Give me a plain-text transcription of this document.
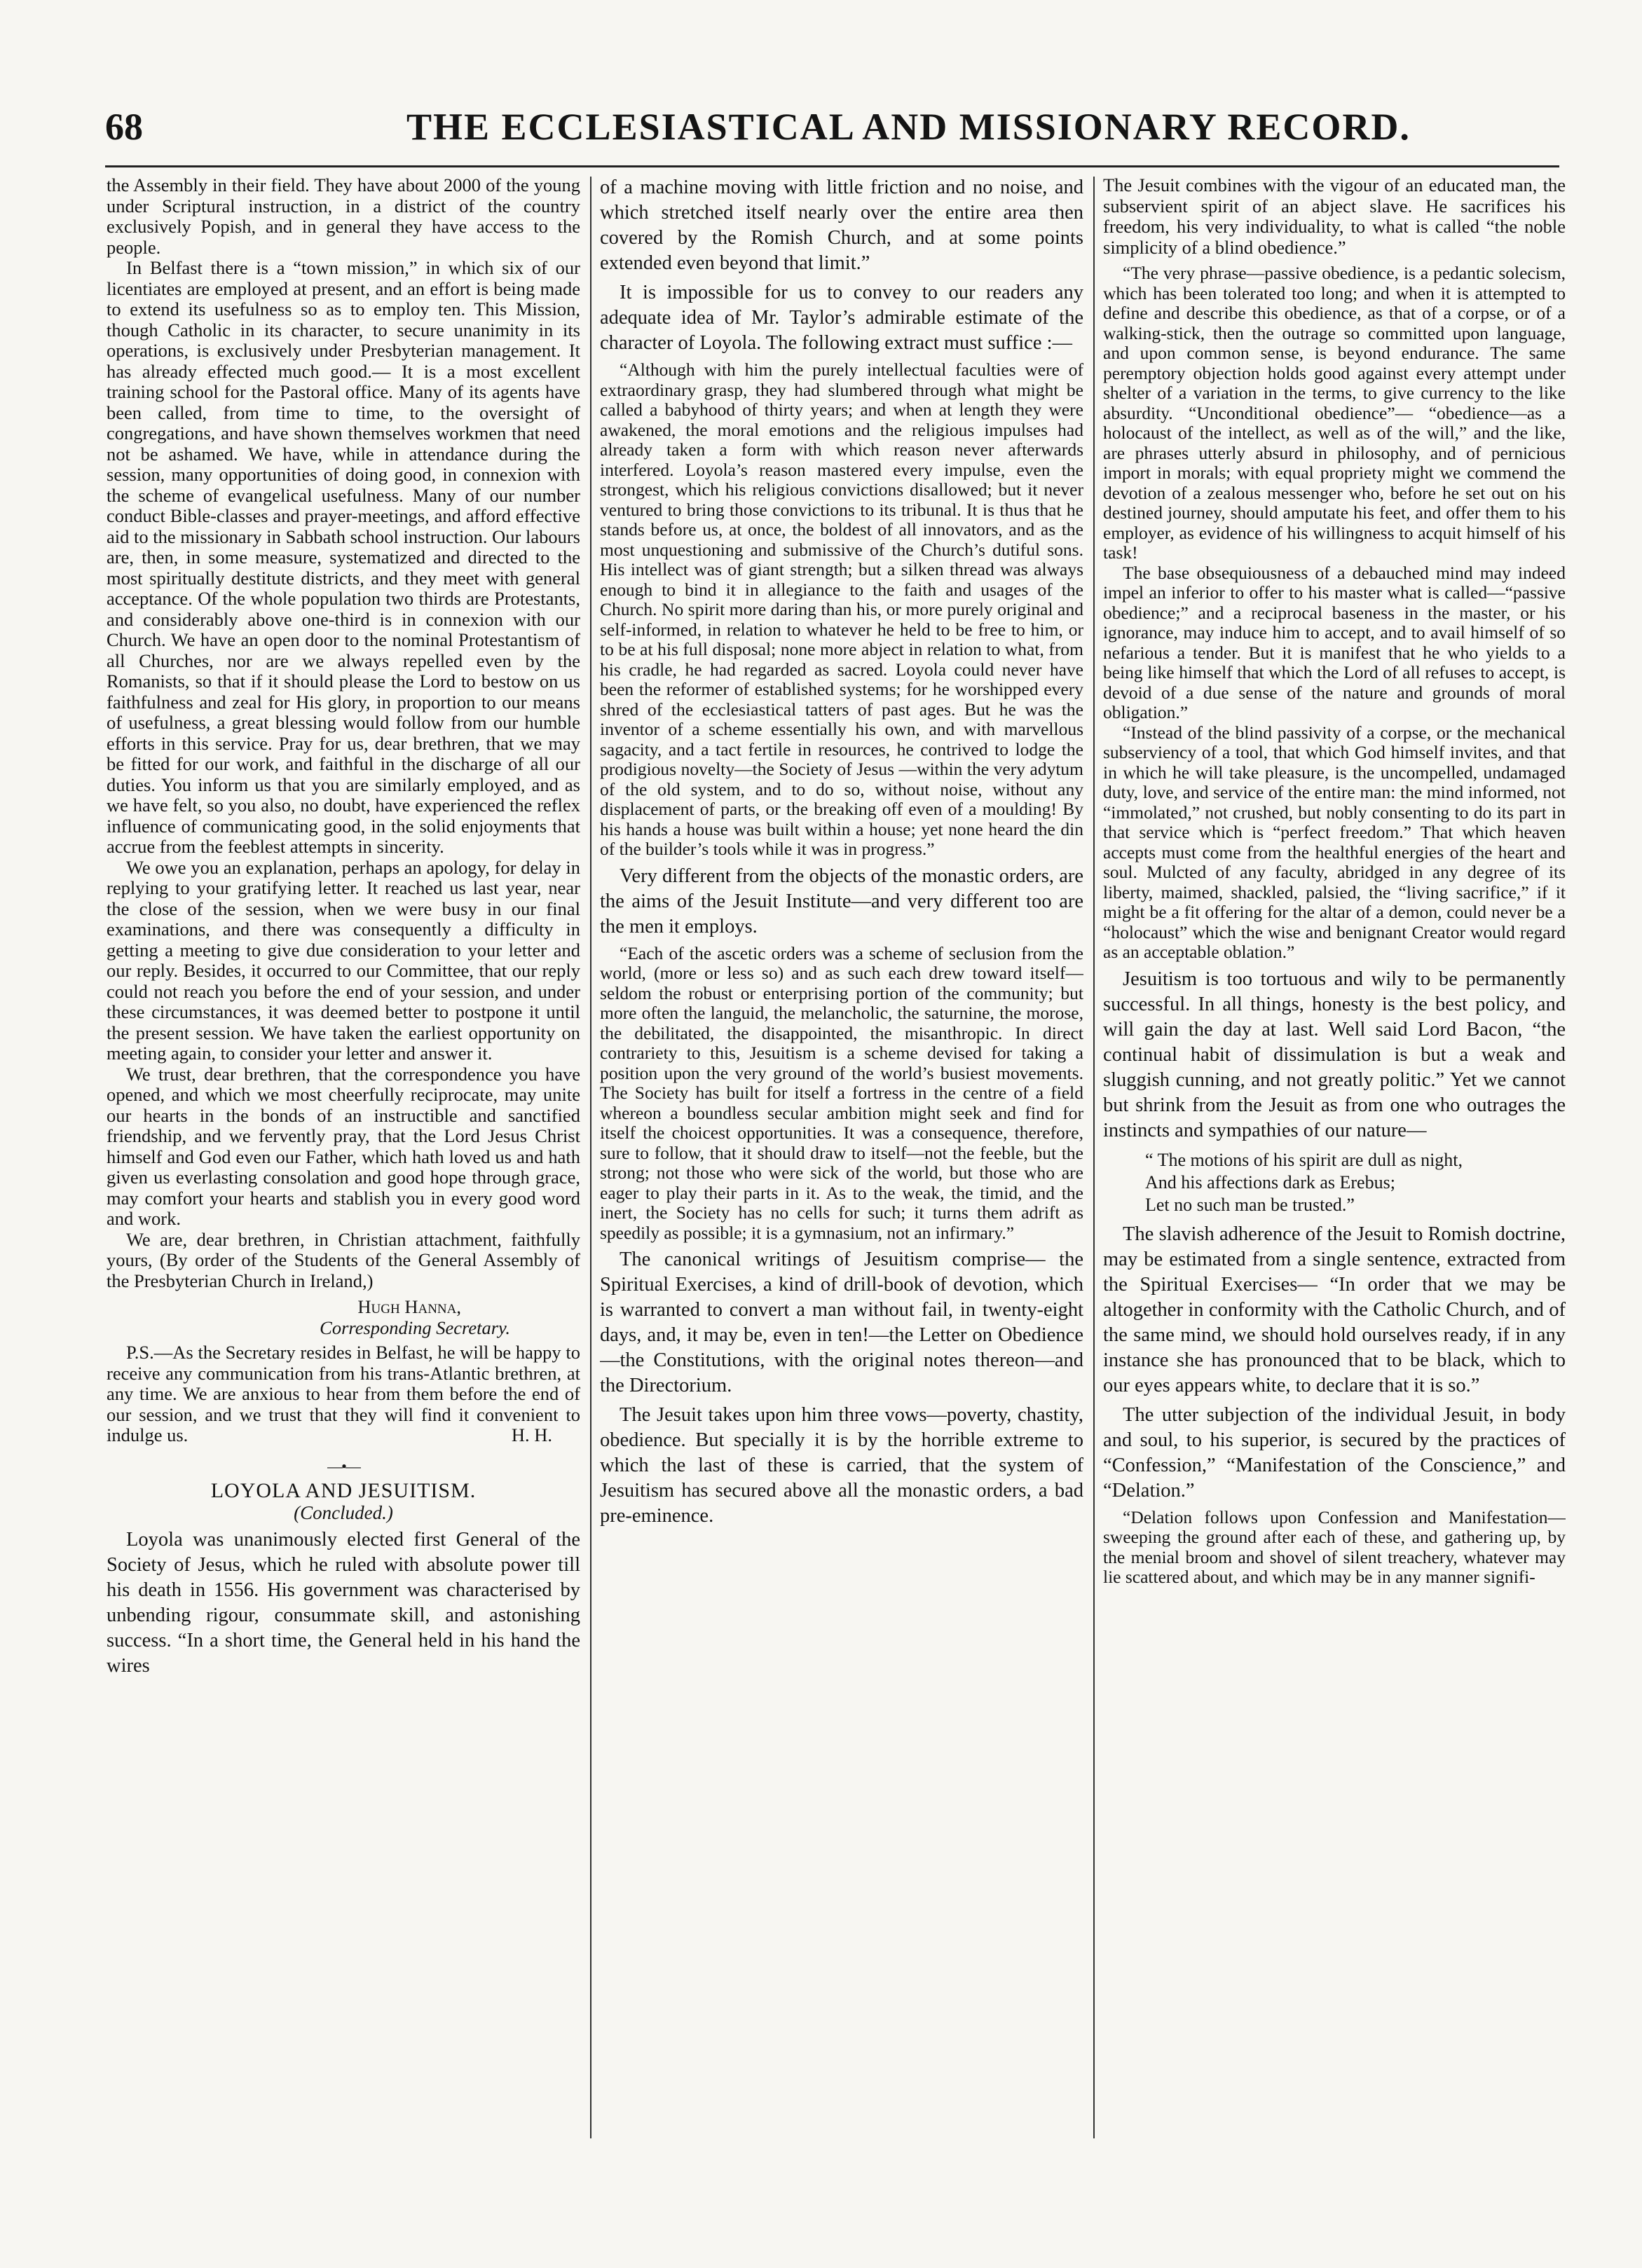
68	THE ECCLESIASTICAL AND MISSIONARY RECORD.

the Assembly in their field. They have about 2000 of the young under Scriptural instruction, in a district of the country exclusively Popish, and in general they have access to the people.

In Belfast there is a “town mission,” in which six of our licentiates are employed at present, and an effort is being made to extend its usefulness so as to employ ten. This Mission, though Catholic in its character, to secure unanimity in its operations, is exclusively under Presbyterian management. It has already effected much good.— It is a most excellent training school for the Pastoral office. Many of its agents have been called, from time to time, to the oversight of congregations, and have shown themselves workmen that need not be ashamed. We have, while in attendance during the session, many opportunities of doing good, in connexion with the scheme of evangelical usefulness. Many of our number conduct Bible-classes and prayer-meetings, and afford effective aid to the missionary in Sabbath school instruction. Our labours are, then, in some measure, systematized and directed to the most spiritually destitute districts, and they meet with general acceptance. Of the whole population two thirds are Protestants, and considerably above one-third is in connexion with our Church. We have an open door to the nominal Protestantism of all Churches, nor are we always repelled even by the Romanists, so that if it should please the Lord to bestow on us faithfulness and zeal for His glory, in proportion to our means of usefulness, a great blessing would follow from our humble efforts in this service. Pray for us, dear brethren, that we may be fitted for our work, and faithful in the discharge of all our duties. You inform us that you are similarly employed, and as we have felt, so you also, no doubt, have experienced the reflex influence of communicating good, in the solid enjoyments that accrue from the feeblest attempts in sincerity.

We owe you an explanation, perhaps an apology, for delay in replying to your gratifying letter. It reached us last year, near the close of the session, when we were busy in our final examinations, and there was consequently a difficulty in getting a meeting to give due consideration to your letter and our reply. Besides, it occurred to our Committee, that our reply could not reach you before the end of your session, and under these circumstances, it was deemed better to postpone it until the present session. We have taken the earliest opportunity on meeting again, to consider your letter and answer it.

We trust, dear brethren, that the correspondence you have opened, and which we most cheerfully reciprocate, may unite our hearts in the bonds of an instructible and sanctified friendship, and we fervently pray, that the Lord Jesus Christ himself and God even our Father, which hath loved us and hath given us everlasting consolation and good hope through grace, may comfort your hearts and stablish you in every good word and work.

We are, dear brethren, in Christian attachment, faithfully yours, (By order of the Students of the General Assembly of the Presbyterian Church in Ireland,)

Hugh Hanna,
Corresponding Secretary.

P.S.—As the Secretary resides in Belfast, he will be happy to receive any communication from his trans-Atlantic brethren, at any time. We are anxious to hear from them before the end of our session, and we trust that they will find it convenient to indulge us.	H. H.

—•—
LOYOLA AND JESUITISM.
(Concluded.)

Loyola was unanimously elected first General of the Society of Jesus, which he ruled with absolute power till his death in 1556. His government was characterised by unbending rigour, consummate skill, and astonishing success. “In a short time, the General held in his hand the wires

of a machine moving with little friction and no noise, and which stretched itself nearly over the entire area then covered by the Romish Church, and at some points extended even beyond that limit.”

It is impossible for us to convey to our readers any adequate idea of Mr. Taylor’s admirable estimate of the character of Loyola. The following extract must suffice :—

“Although with him the purely intellectual faculties were of extraordinary grasp, they had slumbered through what might be called a babyhood of thirty years; and when at length they were awakened, the moral emotions and the religious impulses had already taken a form with which reason never afterwards interfered. Loyola’s reason mastered every impulse, even the strongest, which his religious convictions disallowed; but it never ventured to bring those convictions to its tribunal. It is thus that he stands before us, at once, the boldest of all innovators, and as the most unquestioning and submissive of the Church’s dutiful sons. His intellect was of giant strength; but a silken thread was always enough to bind it in allegiance to the faith and usages of the Church. No spirit more daring than his, or more purely original and self-informed, in relation to whatever he held to be free to him, or to be at his full disposal; none more abject in relation to what, from his cradle, he had regarded as sacred. Loyola could never have been the reformer of established systems; for he worshipped every shred of the ecclesiastical tatters of past ages. But he was the inventor of a scheme essentially his own, and with marvellous sagacity, and a tact fertile in resources, he contrived to lodge the prodigious novelty—the Society of Jesus —within the very adytum of the old system, and to do so, without noise, without any displacement of parts, or the breaking off even of a moulding! By his hands a house was built within a house; yet none heard the din of the builder’s tools while it was in progress.”

Very different from the objects of the monastic orders, are the aims of the Jesuit Institute—and very different too are the men it employs.

“Each of the ascetic orders was a scheme of seclusion from the world, (more or less so) and as such each drew toward itself—seldom the robust or enterprising portion of the community; but more often the languid, the melancholic, the saturnine, the morose, the debilitated, the disappointed, the misanthropic. In direct contrariety to this, Jesuitism is a scheme devised for taking a position upon the very ground of the world’s busiest movements. The Society has built for itself a fortress in the centre of a field whereon a boundless secular ambition might seek and find for itself the choicest opportunities. It was a consequence, therefore, sure to follow, that it should draw to itself—not the feeble, but the strong; not those who were sick of the world, but those who are eager to play their parts in it. As to the weak, the timid, and the inert, the Society has no cells for such; it turns them adrift as speedily as possible; it is a gymnasium, not an infirmary.”

The canonical writings of Jesuitism comprise— the Spiritual Exercises, a kind of drill-book of devotion, which is warranted to convert a man without fail, in twenty-eight days, and, it may be, even in ten!—the Letter on Obedience—the Constitutions, with the original notes thereon—and the Directorium.

The Jesuit takes upon him three vows—poverty, chastity, obedience. But specially it is by the horrible extreme to which the last of these is carried, that the system of Jesuitism has secured above all the monastic orders, a bad pre-eminence.

The Jesuit combines with the vigour of an educated man, the subservient spirit of an abject slave. He sacrifices his freedom, his very individuality, to what is called “the noble simplicity of a blind obedience.”

“The very phrase—passive obedience, is a pedantic solecism, which has been tolerated too long; and when it is attempted to define and describe this obedience, as that of a corpse, or of a walking-stick, then the outrage so committed upon language, and upon common sense, is beyond endurance. The same peremptory objection holds good against every attempt under shelter of a variation in the terms, to give currency to the like absurdity. “Unconditional obedience”— “obedience—as a holocaust of the intellect, as well as of the will,” and the like, are phrases utterly absurd in philosophy, and of pernicious import in morals; with equal propriety might we commend the devotion of a zealous messenger who, before he set out on his destined journey, should amputate his feet, and offer them to his employer, as evidence of his willingness to acquit himself of his task!

The base obsequiousness of a debauched mind may indeed impel an inferior to offer to his master what is called—“passive obedience;” and a reciprocal baseness in the master, or his ignorance, may induce him to accept, and to avail himself of so nefarious a tender. But it is manifest that he who yields to a being like himself that which the Lord of all refuses to accept, is devoid of a due sense of the nature and grounds of moral obligation.”

“Instead of the blind passivity of a corpse, or the mechanical subserviency of a tool, that which God himself invites, and that in which he will take pleasure, is the uncompelled, undamaged duty, love, and service of the entire man: the mind informed, not “immolated,” not crushed, but nobly consenting to do its part in that service which is “perfect freedom.” That which heaven accepts must come from the healthful energies of the heart and soul. Mulcted of any faculty, abridged in any degree of its liberty, maimed, shackled, palsied, the “living sacrifice,” if it might be a fit offering for the altar of a demon, could never be a “holocaust” which the wise and benignant Creator would regard as an acceptable oblation.”

Jesuitism is too tortuous and wily to be permanently successful. In all things, honesty is the best policy, and will gain the day at last. Well said Lord Bacon, “the continual habit of dissimulation is but a weak and sluggish cunning, and not greatly politic.” Yet we cannot but shrink from the Jesuit as from one who outrages the instincts and sympathies of our nature—

“ The motions of his spirit are dull as night,
And his affections dark as Erebus;
Let no such man be trusted.”

The slavish adherence of the Jesuit to Romish doctrine, may be estimated from a single sentence, extracted from the Spiritual Exercises— “In order that we may be altogether in conformity with the Catholic Church, and of the same mind, we should hold ourselves ready, if in any instance she has pronounced that to be black, which to our eyes appears white, to declare that it is so.”

The utter subjection of the individual Jesuit, in body and soul, to his superior, is secured by the practices of “Confession,” “Manifestation of the Conscience,” and “Delation.”

“Delation follows upon Confession and Manifestation—sweeping the ground after each of these, and gathering up, by the menial broom and shovel of silent treachery, whatever may lie scattered about, and which may be in any manner signifi-
